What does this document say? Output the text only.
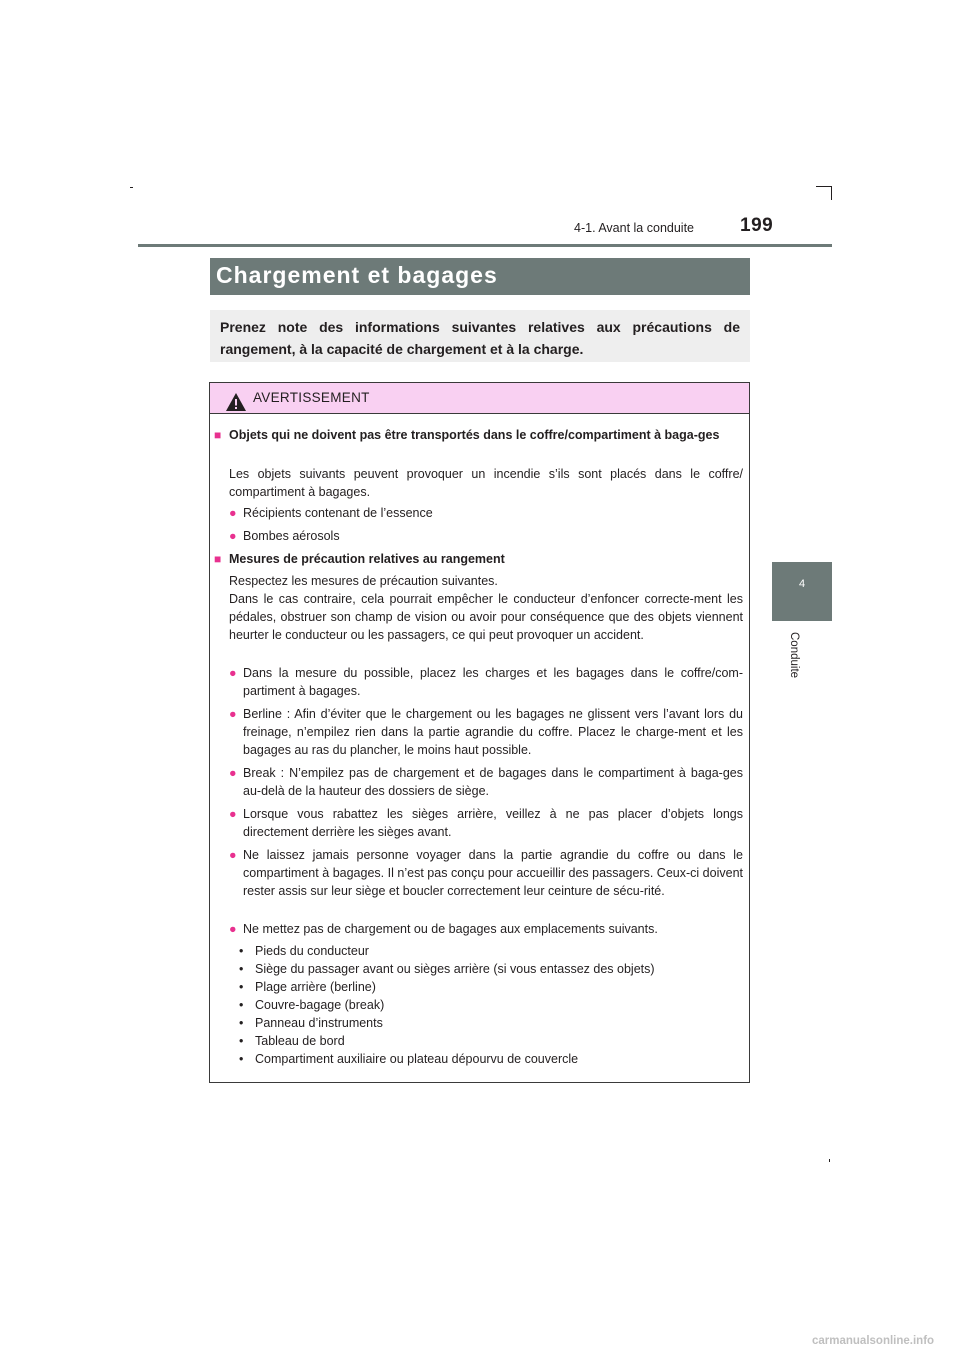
4-1. Avant la conduite 199
4
Conduite
Chargement et bagages

Prenez note des informations suivantes relatives aux précautions de rangement, à la capacité de chargement et à la charge.

AVERTISSEMENT
■ Objets qui ne doivent pas être transportés dans le coffre/compartiment à baga-ges
Les objets suivants peuvent provoquer un incendie s’ils sont placés dans le coffre/ compartiment à bagages.
● Récipients contenant de l’essence
● Bombes aérosols
■ Mesures de précaution relatives au rangement
Respectez les mesures de précaution suivantes.
Dans le cas contraire, cela pourrait empêcher le conducteur d’enfoncer correcte-ment les pédales, obstruer son champ de vision ou avoir pour conséquence que des objets viennent heurter le conducteur ou les passagers, ce qui peut provoquer un accident.
● Dans la mesure du possible, placez les charges et les bagages dans le coffre/com-partiment à bagages.
● Berline : Afin d’éviter que le chargement ou les bagages ne glissent vers l’avant lors du freinage, n’empilez rien dans la partie agrandie du coffre. Placez le charge-ment et les bagages au ras du plancher, le moins haut possible.
● Break : N’empilez pas de chargement et de bagages dans le compartiment à baga-ges au-delà de la hauteur des dossiers de siège.
● Lorsque vous rabattez les sièges arrière, veillez à ne pas placer d’objets longs directement derrière les sièges avant.
● Ne laissez jamais personne voyager dans la partie agrandie du coffre ou dans le compartiment à bagages. Il n’est pas conçu pour accueillir des passagers. Ceux-ci doivent rester assis sur leur siège et boucler correctement leur ceinture de sécu-rité.
● Ne mettez pas de chargement ou de bagages aux emplacements suivants.
• Pieds du conducteur
• Siège du passager avant ou sièges arrière (si vous entassez des objets)
• Plage arrière (berline)
• Couvre-bagage (break)
• Panneau d’instruments
• Tableau de bord
• Compartiment auxiliaire ou plateau dépourvu de couvercle
carmanualsonline.info
